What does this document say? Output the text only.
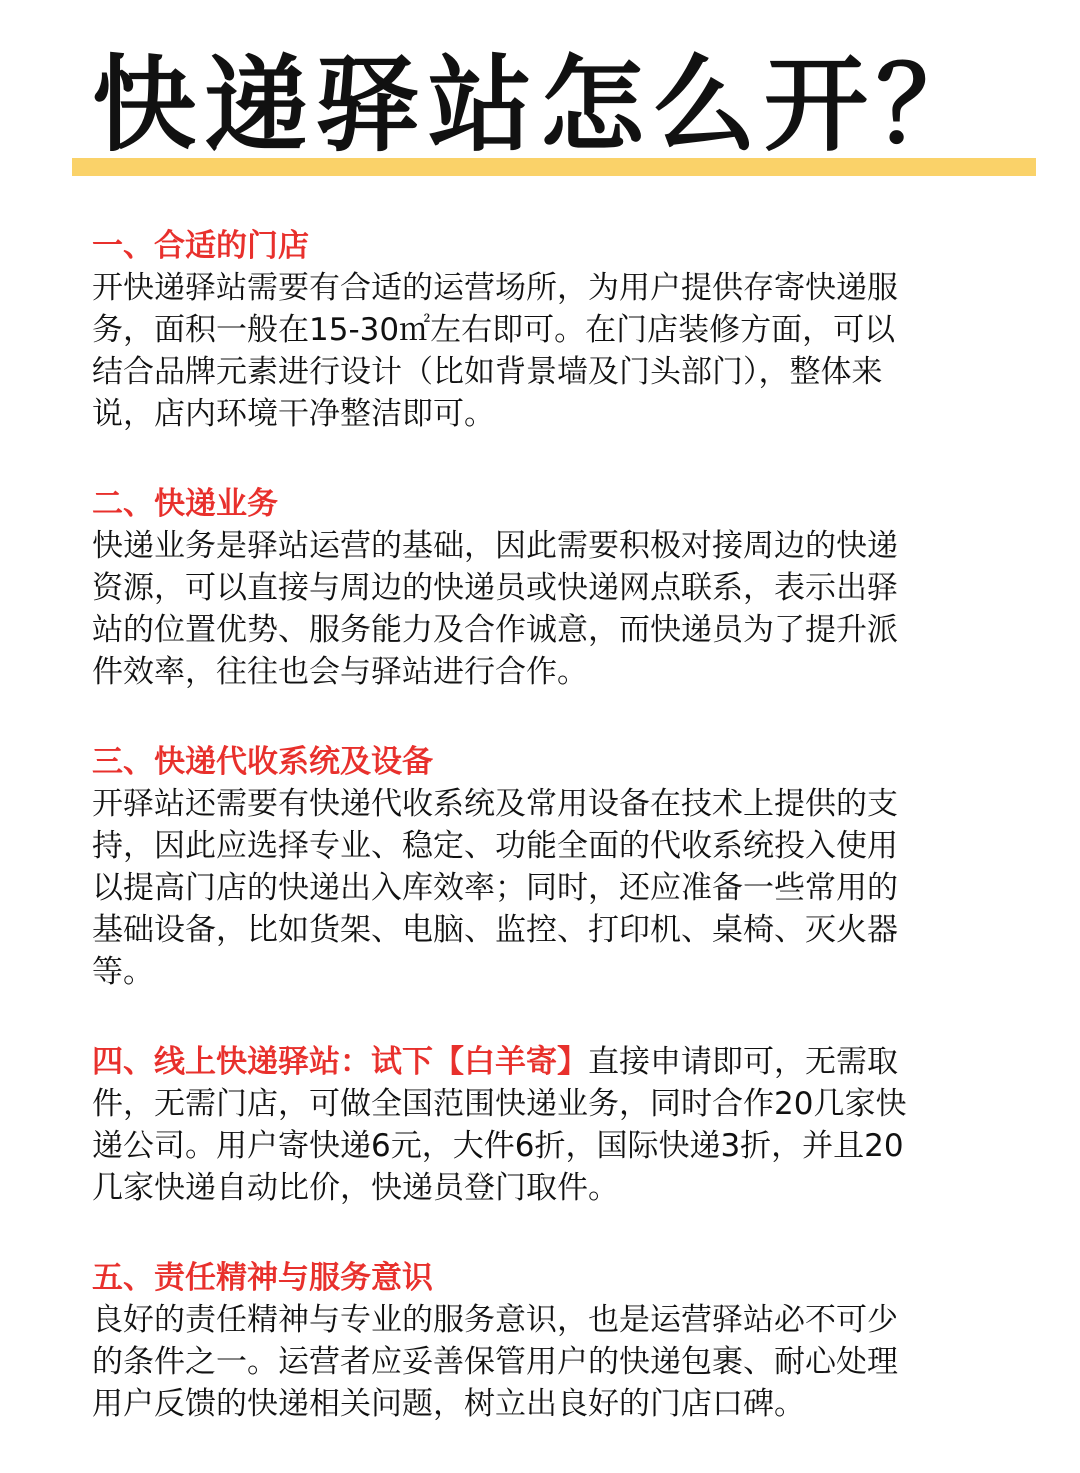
快递驿站怎么开？
一、合适的门店
开快递驿站需要有合适的运营场所，为用户提供存寄快递服
务，面积一般在15-30㎡左右即可。在门店装修方面，可以
结合品牌元素进行设计（比如背景墙及门头部门），整体来
说，店内环境干净整洁即可。
二、快递业务
快递业务是驿站运营的基础，因此需要积极对接周边的快递
资源，可以直接与周边的快递员或快递网点联系，表示出驿
站的位置优势、服务能力及合作诚意，而快递员为了提升派
件效率，往往也会与驿站进行合作。
三、快递代收系统及设备
开驿站还需要有快递代收系统及常用设备在技术上提供的支
持，因此应选择专业、稳定、功能全面的代收系统投入使用
以提高门店的快递出入库效率；同时，还应准备一些常用的
基础设备，比如货架、电脑、监控、打印机、桌椅、灭火器
等。
四、线上快递驿站：试下【白羊寄】直接申请即可，无需取
件，无需门店，可做全国范围快递业务，同时合作20几家快
递公司。用户寄快递6元，大件6折，国际快递3折，并且20
几家快递自动比价，快递员登门取件。
五、责任精神与服务意识
良好的责任精神与专业的服务意识，也是运营驿站必不可少
的条件之一。运营者应妥善保管用户的快递包裹、耐心处理
用户反馈的快递相关问题，树立出良好的门店口碑。
